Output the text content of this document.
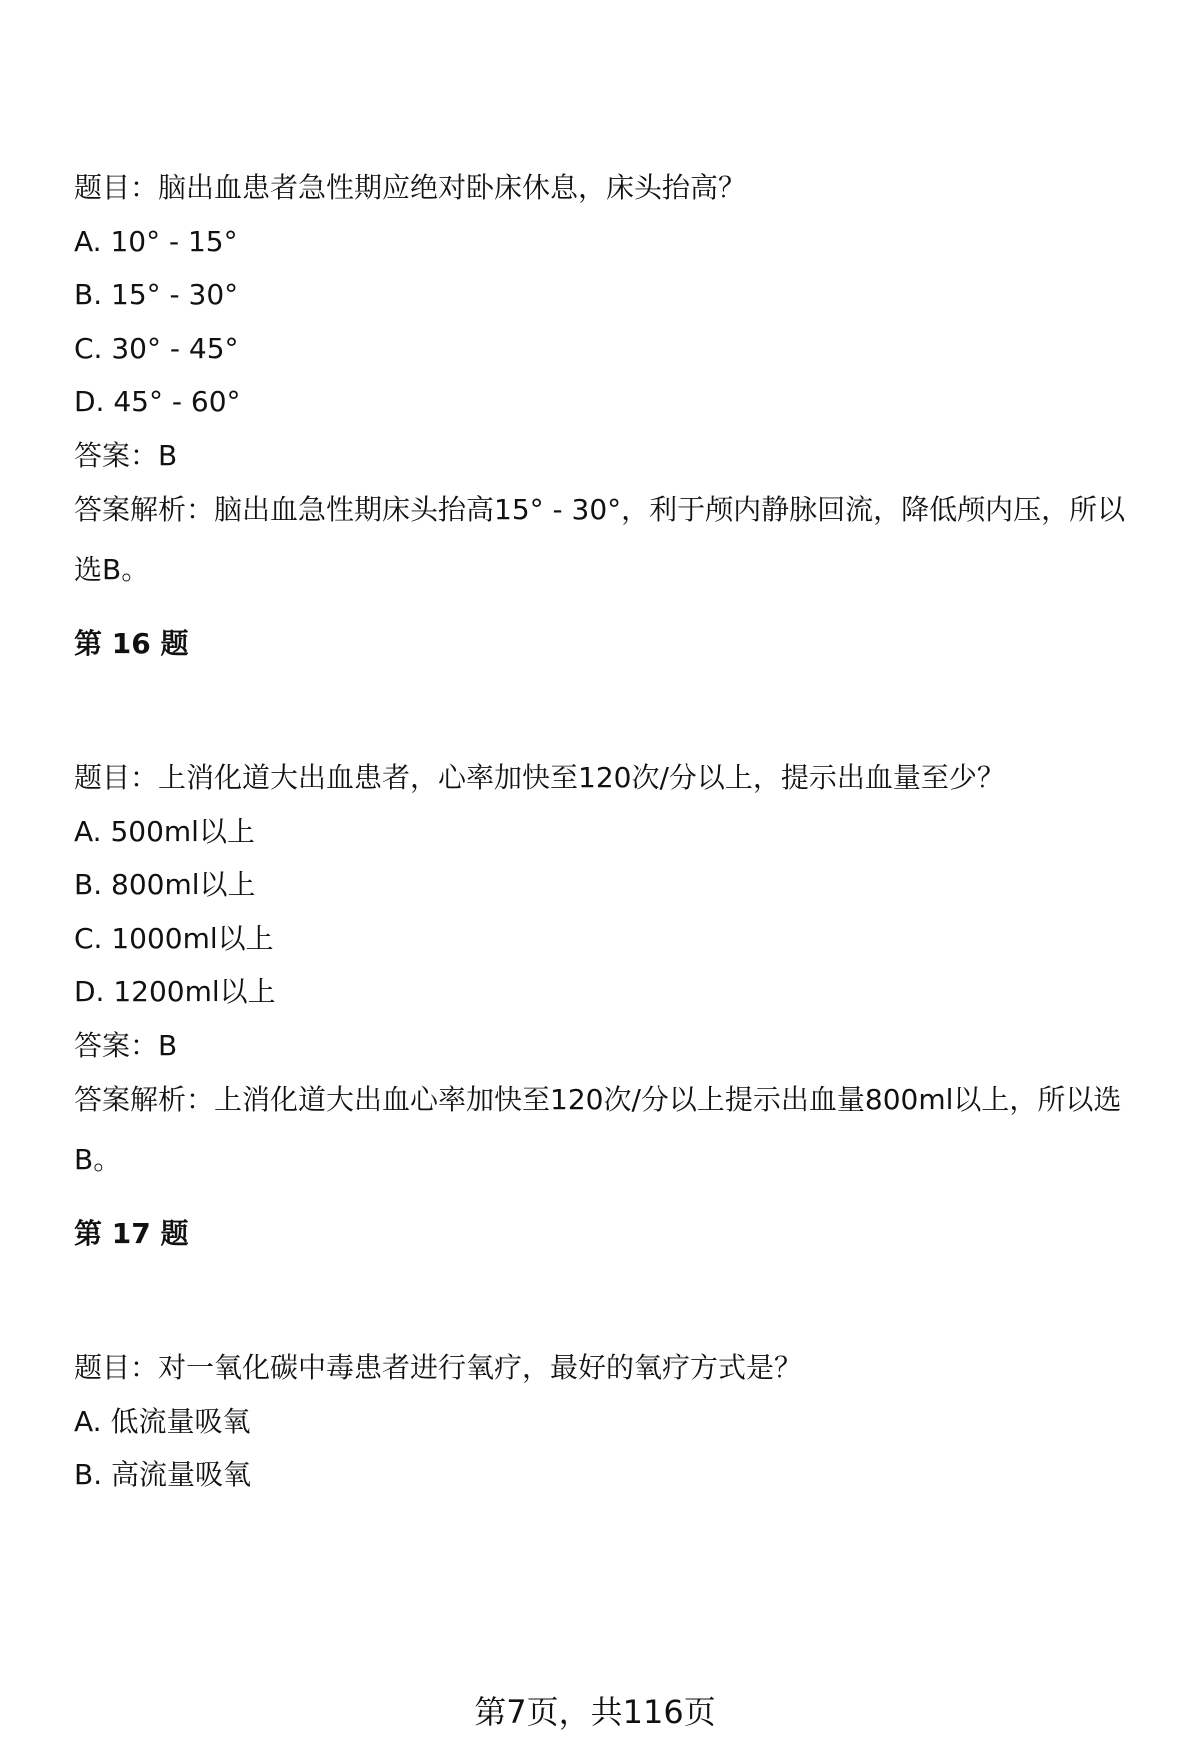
题目：脑出血患者急性期应绝对卧床休息，床头抬高？
A. 10° - 15°
B. 15° - 30°
C. 30° - 45°
D. 45° - 60°
答案：B
答案解析：脑出血急性期床头抬高15° - 30°，利于颅内静脉回流，降低颅内压，所以选B。
第 16 题
题目：上消化道大出血患者，心率加快至120次/分以上，提示出血量至少？
A. 500ml以上
B. 800ml以上
C. 1000ml以上
D. 1200ml以上
答案：B
答案解析：上消化道大出血心率加快至120次/分以上提示出血量800ml以上，所以选B。
第 17 题
题目：对一氧化碳中毒患者进行氧疗，最好的氧疗方式是？
A. 低流量吸氧
B. 高流量吸氧
第7页，共116页
